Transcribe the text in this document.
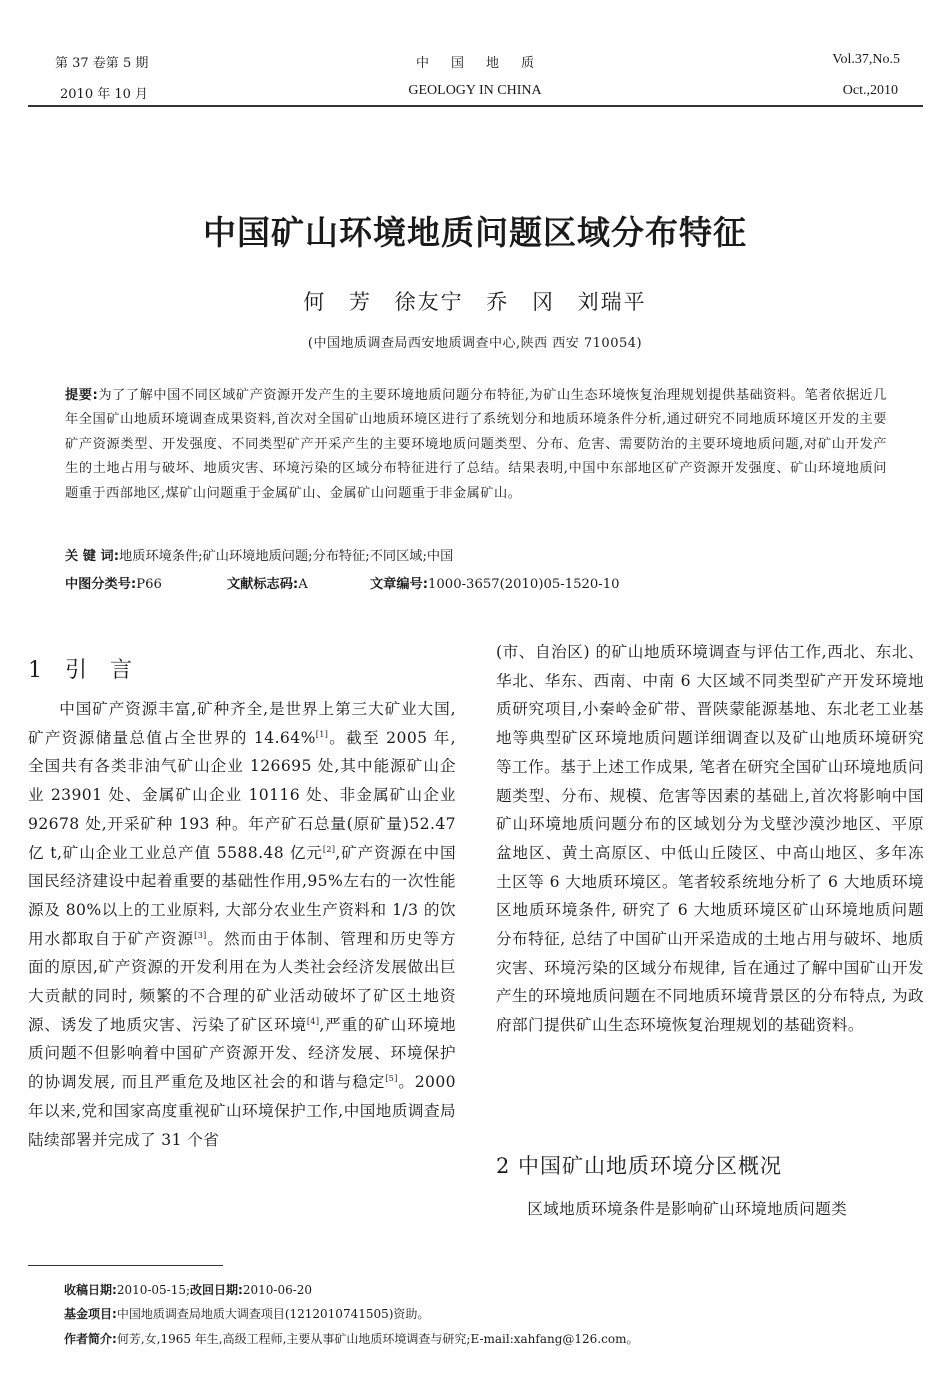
第 37 卷第 5 期
2010 年 10 月
中国地质
GEOLOGY IN CHINA
Vol.37,No.5
Oct.,2010
中国矿山环境地质问题区域分布特征
何 芳 徐友宁 乔 冈 刘瑞平
(中国地质调查局西安地质调查中心,陕西 西安 710054)
提要:为了了解中国不同区域矿产资源开发产生的主要环境地质问题分布特征,为矿山生态环境恢复治理规划提供基础资料。笔者依据近几年全国矿山地质环境调查成果资料,首次对全国矿山地质环境区进行了系统划分和地质环境条件分析,通过研究不同地质环境区开发的主要矿产资源类型、开发强度、不同类型矿产开采产生的主要环境地质问题类型、分布、危害、需要防治的主要环境地质问题,对矿山开发产生的土地占用与破坏、地质灾害、环境污染的区域分布特征进行了总结。结果表明,中国中东部地区矿产资源开发强度、矿山环境地质问题重于西部地区,煤矿山问题重于金属矿山、金属矿山问题重于非金属矿山。
关 键 词:地质环境条件;矿山环境地质问题;分布特征;不同区域;中国
中图分类号:P66	文献标志码:A	文章编号:1000-3657(2010)05-1520-10
1 引 言

中国矿产资源丰富,矿种齐全,是世界上第三大矿业大国, 矿产资源储量总值占全世界的 14.64%[1]。截至 2005 年, 全国共有各类非油气矿山企业 126695 处,其中能源矿山企业 23901 处、金属矿山企业 10116 处、非金属矿山企业 92678 处,开采矿种 193 种。年产矿石总量(原矿量)52.47 亿 t,矿山企业工业总产值 5588.48 亿元[2],矿产资源在中国国民经济建设中起着重要的基础性作用,95%左右的一次性能源及 80%以上的工业原料, 大部分农业生产资料和 1/3 的饮用水都取自于矿产资源[3]。然而由于体制、管理和历史等方面的原因,矿产资源的开发利用在为人类社会经济发展做出巨大贡献的同时, 频繁的不合理的矿业活动破坏了矿区土地资源、诱发了地质灾害、污染了矿区环境[4],严重的矿山环境地质问题不但影响着中国矿产资源开发、经济发展、环境保护的协调发展, 而且严重危及地区社会的和谐与稳定[5]。2000 年以来,党和国家高度重视矿山环境保护工作,中国地质调查局陆续部署并完成了 31 个省

(市、自治区) 的矿山地质环境调查与评估工作,西北、东北、华北、华东、西南、中南 6 大区域不同类型矿产开发环境地质研究项目,小秦岭金矿带、晋陕蒙能源基地、东北老工业基地等典型矿区环境地质问题详细调查以及矿山地质环境研究等工作。基于上述工作成果, 笔者在研究全国矿山环境地质问题类型、分布、规模、危害等因素的基础上,首次将影响中国矿山环境地质问题分布的区域划分为戈壁沙漠沙地区、平原盆地区、黄土高原区、中低山丘陵区、中高山地区、多年冻土区等 6 大地质环境区。笔者较系统地分析了 6 大地质环境区地质环境条件, 研究了 6 大地质环境区矿山环境地质问题分布特征, 总结了中国矿山开采造成的土地占用与破坏、地质灾害、环境污染的区域分布规律, 旨在通过了解中国矿山开发产生的环境地质问题在不同地质环境背景区的分布特点, 为政府部门提供矿山生态环境恢复治理规划的基础资料。

2 中国矿山地质环境分区概况

区域地质环境条件是影响矿山环境地质问题类

收稿日期:2010-05-15;改回日期:2010-06-20
基金项目:中国地质调查局地质大调查项目(1212010741505)资助。
作者简介:何芳,女,1965 年生,高级工程师,主要从事矿山地质环境调查与研究;E-mail:xahfang@126.com。
